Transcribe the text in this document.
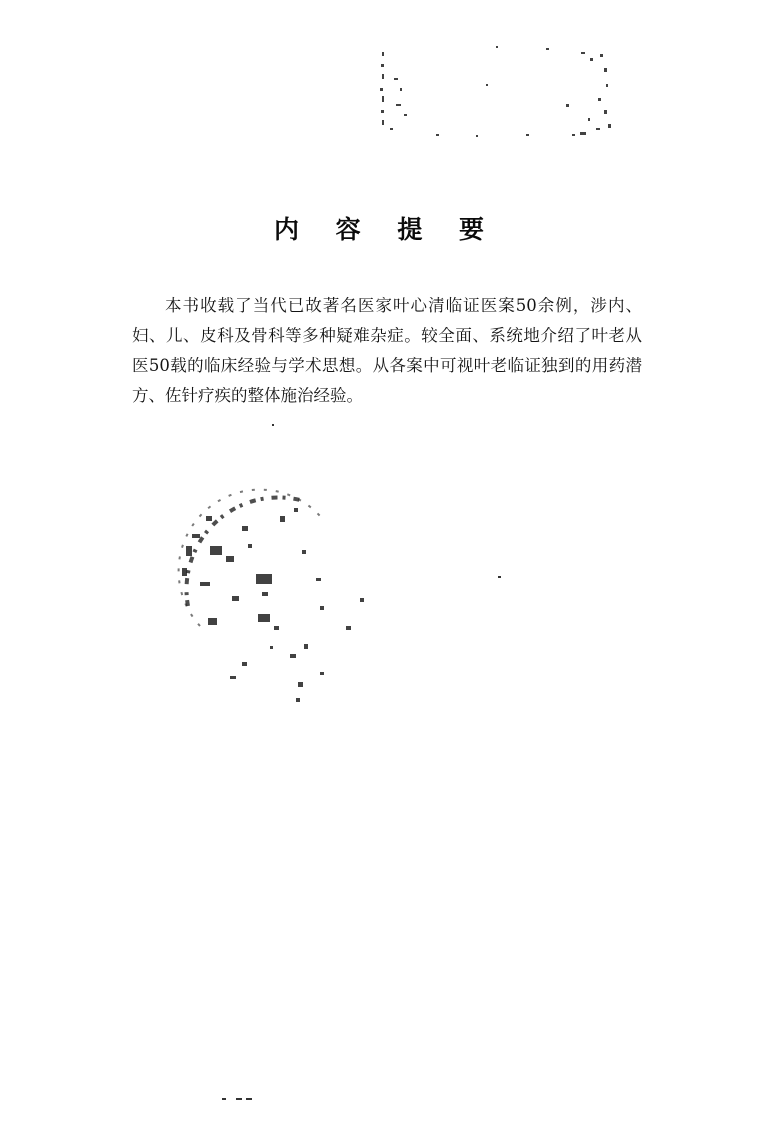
内 容 提 要

本书收载了当代已故著名医家叶心清临证医案50余例，涉内、妇、儿、皮科及骨科等多种疑难杂症。较全面、系统地介绍了叶老从医50载的临床经验与学术思想。从各案中可视叶老临证独到的用药潜方、佐针疗疾的整体施治经验。
